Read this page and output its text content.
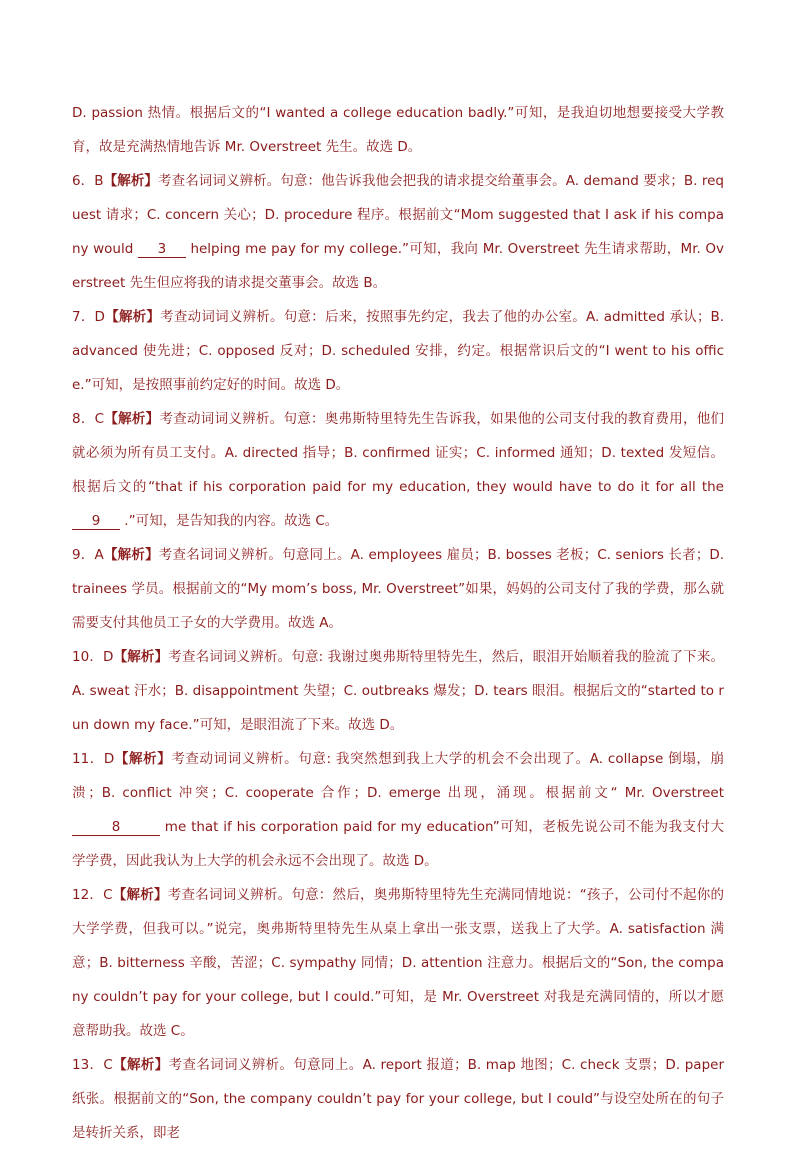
D. passion 热情。根据后文的“I wanted a college education badly.”可知，是我迫切地想要接受大学教育，故是充满热情地告诉 Mr. Overstreet 先生。故选 D。

6．B【解析】考查名词词义辨析。句意：他告诉我他会把我的请求提交给董事会。A. demand 要求；B. request 请求；C. concern 关心；D. procedure 程序。根据前文“Mom suggested that I ask if his company would 3 helping me pay for my college.”可知，我向 Mr. Overstreet 先生请求帮助，Mr. Overstreet 先生但应将我的请求提交董事会。故选 B。

7．D【解析】考查动词词义辨析。句意：后来，按照事先约定，我去了他的办公室。A. admitted 承认；B. advanced 使先进；C. opposed 反对；D. scheduled 安排，约定。根据常识后文的“I went to his office.”可知，是按照事前约定好的时间。故选 D。

8．C【解析】考查动词词义辨析。句意：奥弗斯特里特先生告诉我，如果他的公司支付我的教育费用，他们就必须为所有员工支付。A. directed 指导；B. confirmed 证实；C. informed 通知；D. texted 发短信。根据后文的“that if his corporation paid for my education, they would have to do it for all the 9 .”可知，是告知我的内容。故选 C。

9．A【解析】考查名词词义辨析。句意同上。A. employees 雇员；B. bosses 老板；C. seniors 长者；D. trainees 学员。根据前文的“My mom’s boss, Mr. Overstreet”如果，妈妈的公司支付了我的学费，那么就需要支付其他员工子女的大学费用。故选 A。

10．D【解析】考查名词词义辨析。句意: 我谢过奥弗斯特里特先生，然后，眼泪开始顺着我的脸流了下来。A. sweat 汗水；B. disappointment 失望；C. outbreaks 爆发；D. tears 眼泪。根据后文的“started to run down my face.”可知，是眼泪流了下来。故选 D。

11．D【解析】考查动词词义辨析。句意: 我突然想到我上大学的机会不会出现了。A. collapse 倒塌，崩溃；B. conflict 冲突；C. cooperate 合作；D. emerge 出现，涌现。根据前文“ Mr. Overstreet 8	me that if his corporation paid for my education”可知，老板先说公司不能为我支付大学学费，因此我认为上大学的机会永远不会出现了。故选 D。

12．C【解析】考查名词词义辨析。句意：然后，奥弗斯特里特先生充满同情地说：“孩子，公司付不起你的大学学费，但我可以。”说完，奥弗斯特里特先生从桌上拿出一张支票，送我上了大学。A. satisfaction 满意；B. bitterness 辛酸，苦涩；C. sympathy 同情；D. attention 注意力。根据后文的“Son, the company couldn’t pay for your college, but I could.”可知，是 Mr. Overstreet 对我是充满同情的，所以才愿意帮助我。故选 C。

13．C【解析】考查名词词义辨析。句意同上。A. report 报道；B. map 地图；C. check 支票；D. paper 纸张。根据前文的“Son, the company couldn’t pay for your college, but I could”与设空处所在的句子是转折关系，即老
